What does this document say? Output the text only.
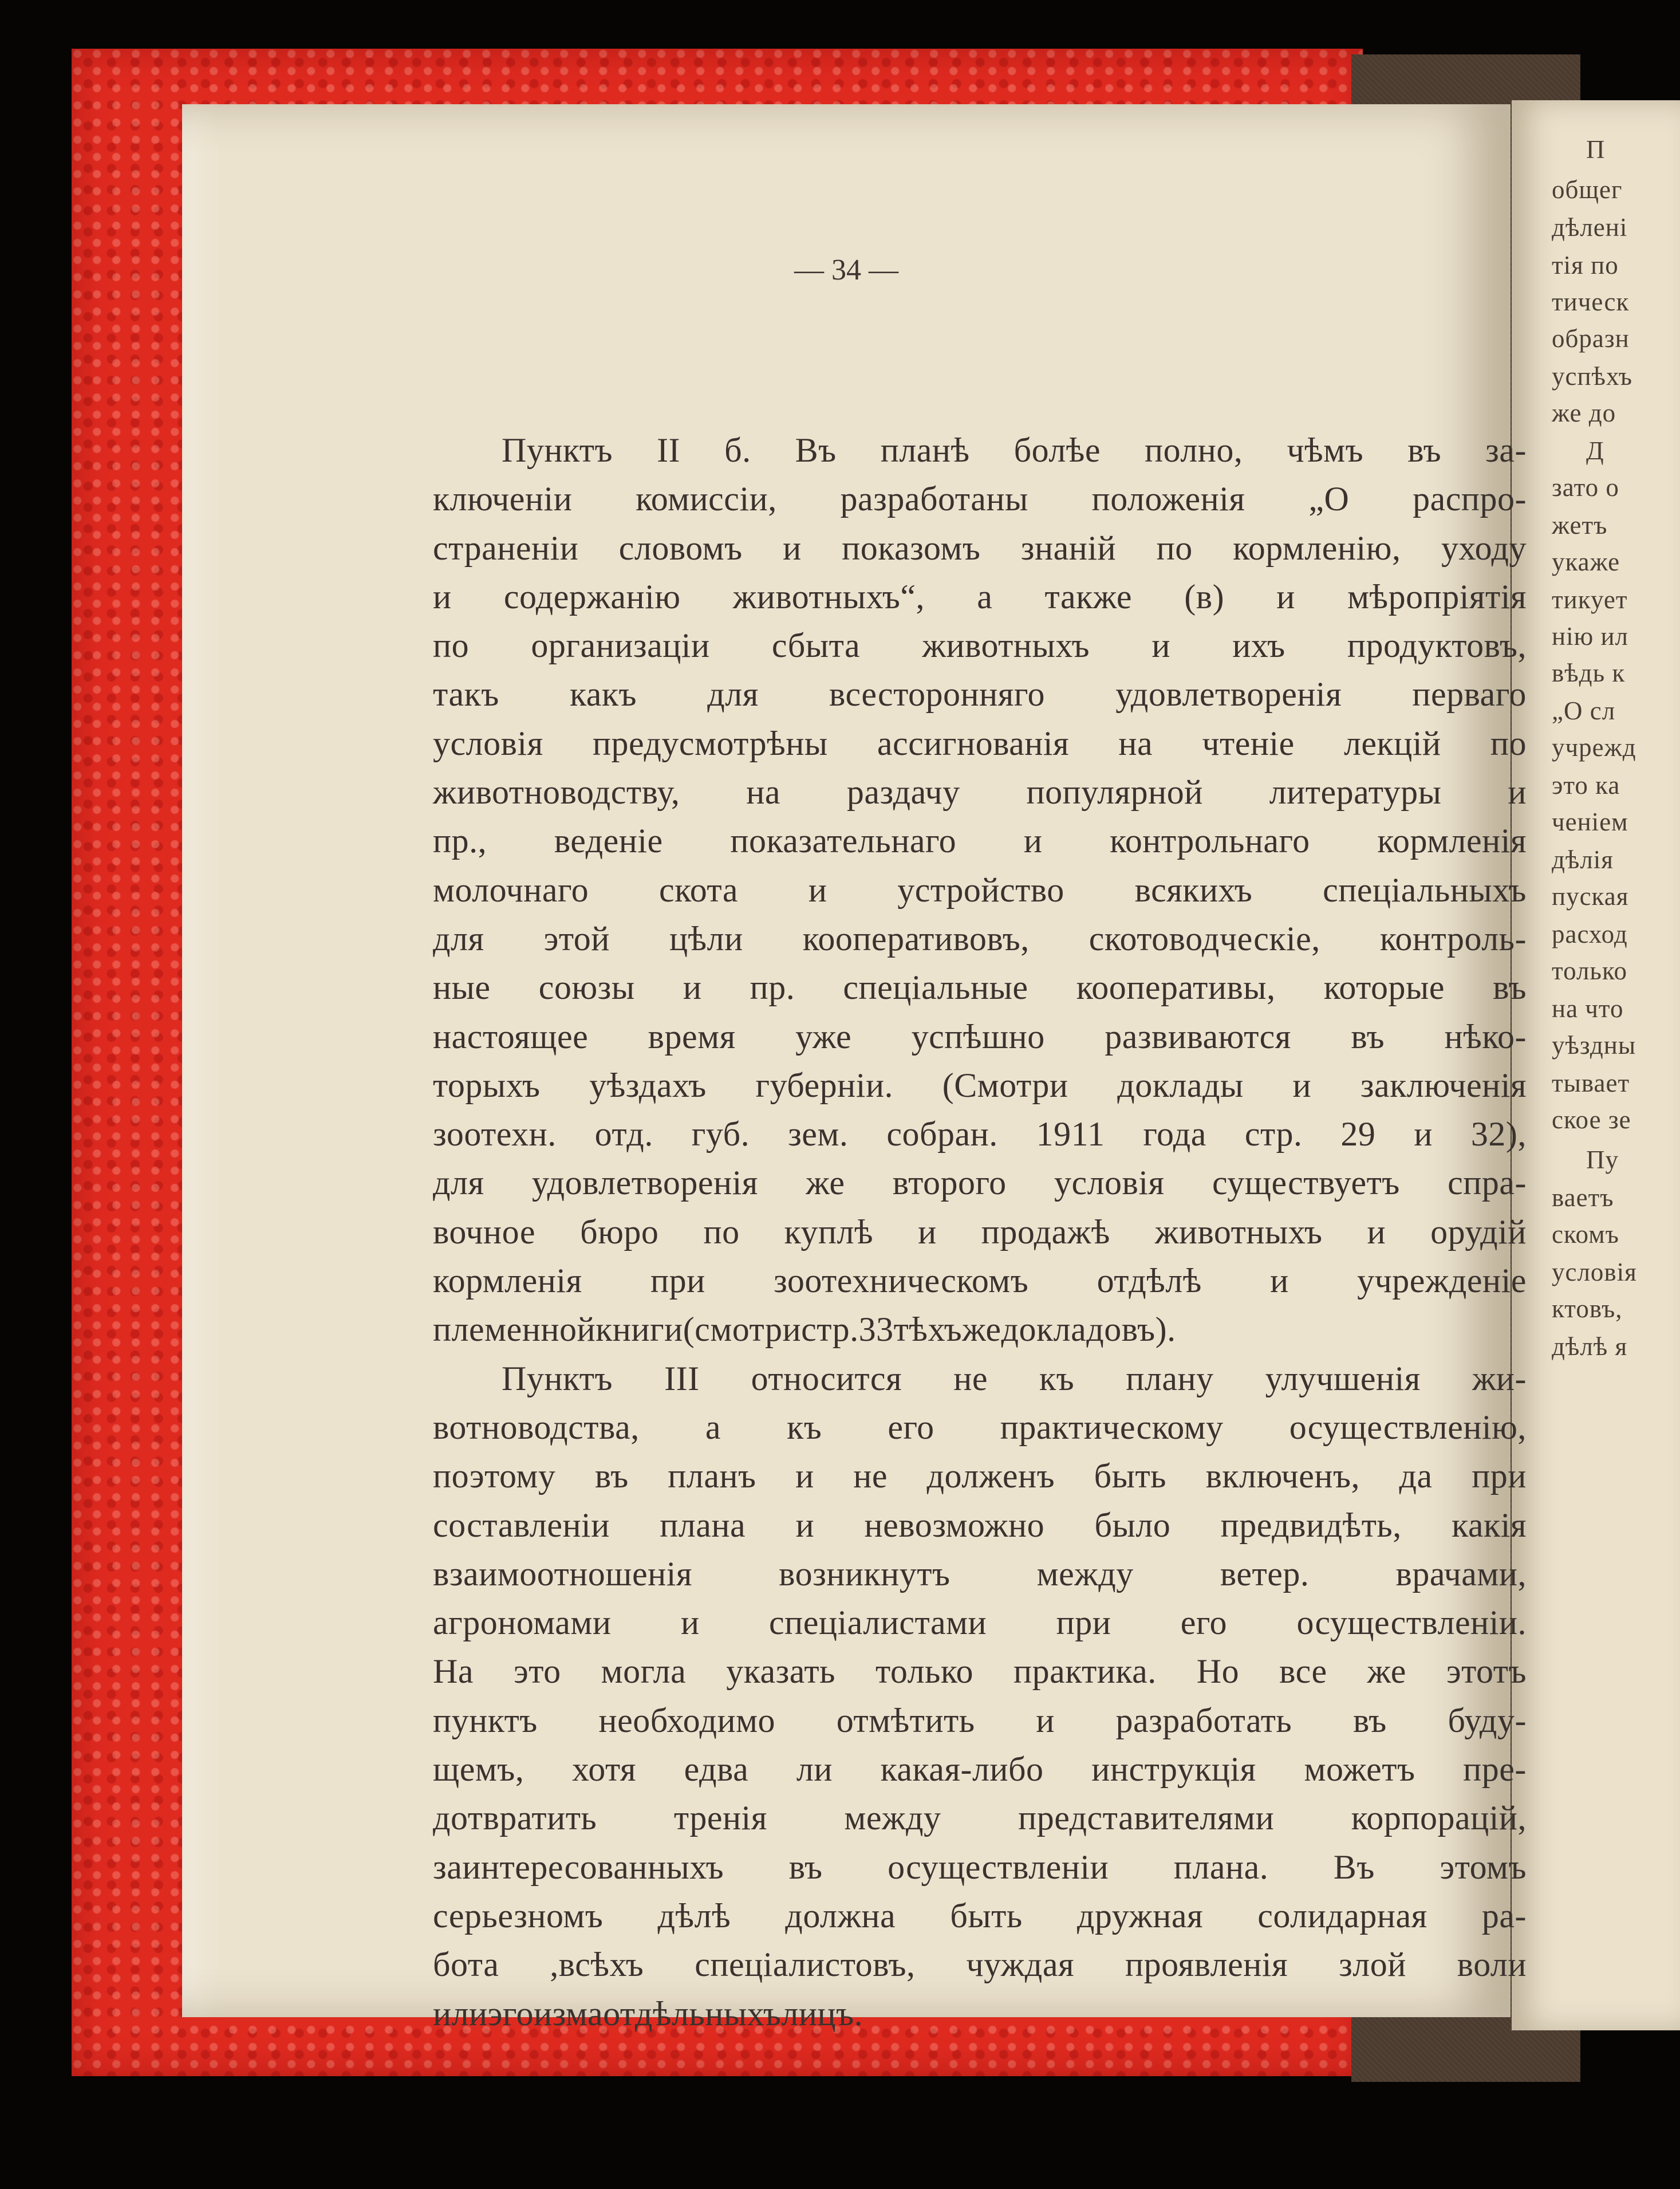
П
общег
дѣлені
тія по
тическ
образн
успѣхъ
же до
Д
зато о
жетъ
укаже
тикует
нію ил
вѣдь к
„О сл
учрежд
это ка
ченіем
дѣлія
пуская
расход
только
на что
уѣздны
тывает
ское зе
Пу
ваетъ
скомъ
условія
ктовъ,
дѣлѣ я
— 34 —
Пунктъ II б. Въ планѣ болѣе полно, чѣмъ въ за-
ключеніи комиссіи, разработаны положенія „О распро-
страненіи словомъ и показомъ знаній по кормленію, уходу
и содержанію животныхъ“, а также (в) и мѣропріятія
по организаціи сбыта животныхъ и ихъ продуктовъ,
такъ какъ для всесторонняго удовлетворенія перваго
условія предусмотрѣны ассигнованія на чтеніе лекцій по
животноводству, на раздачу популярной литературы и
пр., веденіе показательнаго и контрольнаго кормленія
молочнаго скота и устройство всякихъ спеціальныхъ
для этой цѣли кооперативовъ, скотоводческіе, контроль-
ные союзы и пр. спеціальные кооперативы, которые въ
настоящее время уже успѣшно развиваются въ нѣко-
торыхъ уѣздахъ губерніи. (Смотри доклады и заключенія
зоотехн. отд. губ. зем. собран. 1911 года стр. 29 и 32),
для удовлетворенія же второго условія существуетъ спра-
вочное бюро по куплѣ и продажѣ животныхъ и орудій
кормленія при зоотехническомъ отдѣлѣ и учрежденіе
племенной книги (смотри стр. 33 тѣхъ же докладовъ).
Пунктъ III относится не къ плану улучшенія жи-
вотноводства, а къ его практическому осуществленію,
поэтому въ планъ и не долженъ быть включенъ, да при
составленіи плана и невозможно было предвидѣть, какія
взаимоотношенія	возникнутъ	между	ветер.	врачами,
агрономами и спеціалистами при его осуществленіи.
На это могла указать только практика. Но все же этотъ
пунктъ необходимо отмѣтить и разработать въ буду-
щемъ, хотя едва ли какая-либо инструкція можетъ пре-
дотвратить тренія между представителями корпорацій,
заинтересованныхъ въ осуществленіи плана. Въ этомъ
серьезномъ дѣлѣ должна быть дружная солидарная ра-
бота ,всѣхъ спеціалистовъ, чуждая проявленія злой воли
или эгоизма отдѣльныхъ лицъ.
